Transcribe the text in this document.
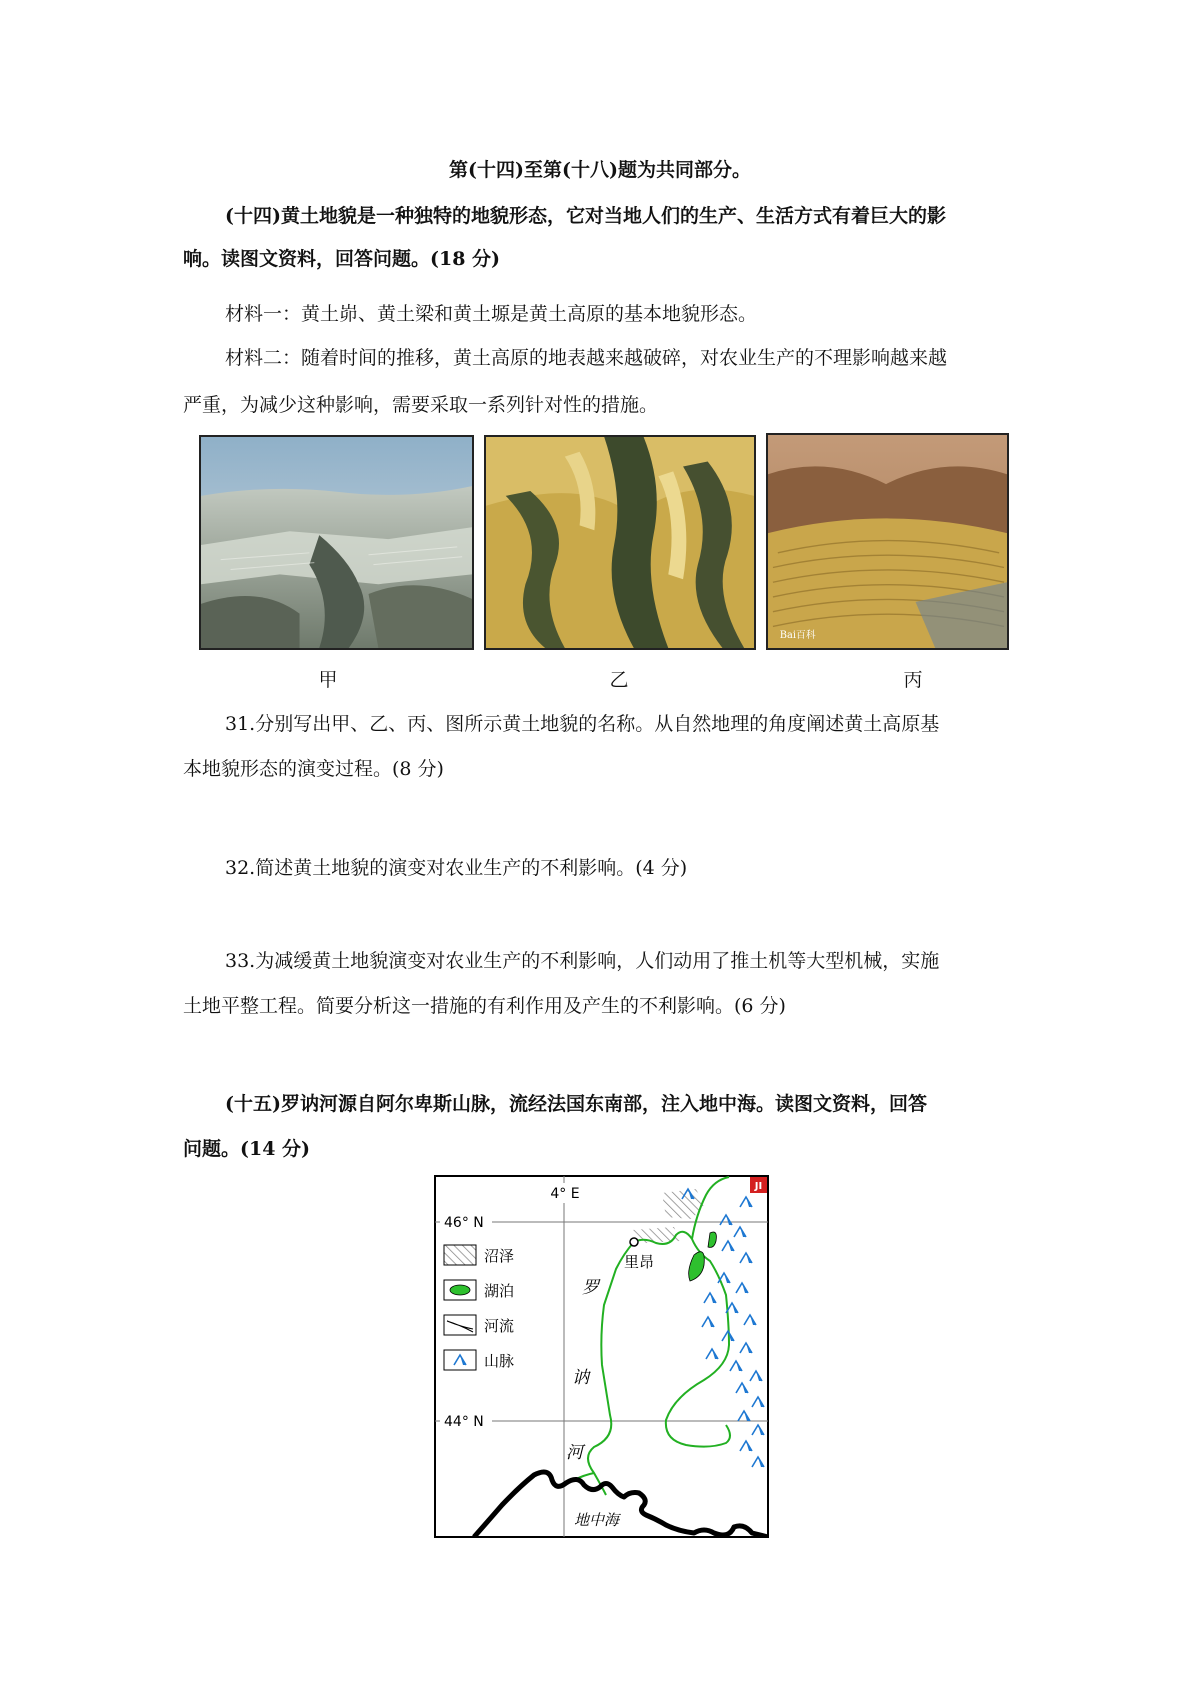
第(十四)至第(十八)题为共同部分。
(十四)黄土地貌是一种独特的地貌形态，它对当地人们的生产、生活方式有着巨大的影
响。读图文资料，回答问题。(18 分)
材料一：黄土峁、黄土梁和黄土塬是黄土高原的基本地貌形态。
材料二：随着时间的推移，黄土高原的地表越来越破碎，对农业生产的不理影响越来越
严重，为减少这种影响，需要采取一系列针对性的措施。
Bai百科
甲	乙	丙
31.分别写出甲、乙、丙、图所示黄土地貌的名称。从自然地理的角度阐述黄土高原基
本地貌形态的演变过程。(8 分)
32.简述黄土地貌的演变对农业生产的不利影响。(4 分)
33.为减缓黄土地貌演变对农业生产的不利影响，人们动用了推土机等大型机械，实施
土地平整工程。简要分析这一措施的有利作用及产生的不利影响。(6 分)
(十五)罗讷河源自阿尔卑斯山脉，流经法国东南部，注入地中海。读图文资料，回答
问题。(14 分)
4° E
46° N
44° N
沼泽
湖泊
河流
山脉
里昂
罗
讷
河
地中海
JI
